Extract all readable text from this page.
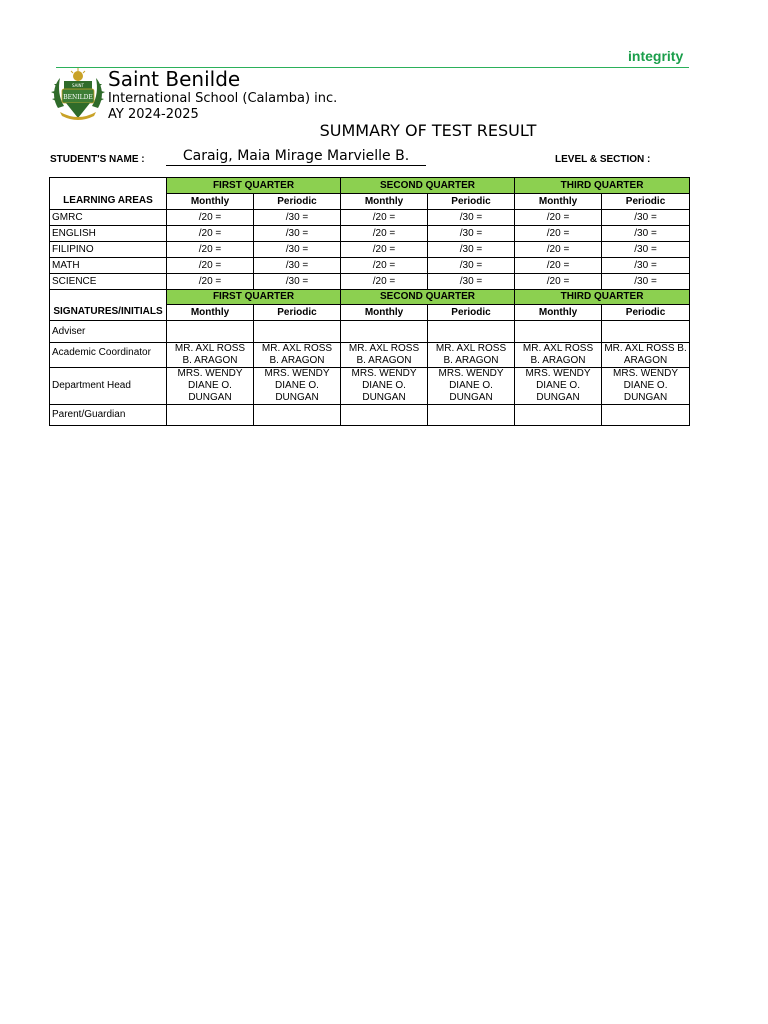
integrity
SAINT
BENILDE
Saint Benilde
International School (Calamba) inc.
AY 2024-2025
SUMMARY OF TEST RESULT
STUDENT'S NAME :	Caraig, Maia Mirage Marvielle B.	LEVEL & SECTION :
	FIRST QUARTER		SECOND QUARTER		THIRD QUARTER	
LEARNING AREAS	Monthly	Periodic	Monthly	Periodic	Monthly	Periodic
GMRC	/20 =	/30 =	/20 =	/30 =	/20 =	/30 =
ENGLISH	/20 =	/30 =	/20 =	/30 =	/20 =	/30 =
FILIPINO	/20 =	/30 =	/20 =	/30 =	/20 =	/30 =
MATH	/20 =	/30 =	/20 =	/30 =	/20 =	/30 =
SCIENCE	/20 =	/30 =	/20 =	/30 =	/20 =	/30 =
	FIRST QUARTER		SECOND QUARTER		THIRD QUARTER	
SIGNATURES/INITIALS	Monthly	Periodic	Monthly	Periodic	Monthly	Periodic
Adviser						
Academic Coordinator	MR. AXL ROSS B. ARAGON	MR. AXL ROSS B. ARAGON	MR. AXL ROSS B. ARAGON	MR. AXL ROSS B. ARAGON	MR. AXL ROSS B. ARAGON	MR. AXL ROSS B. ARAGON
Department Head	MRS. WENDY DIANE O. DUNGAN	MRS. WENDY DIANE O. DUNGAN	MRS. WENDY DIANE O. DUNGAN	MRS. WENDY DIANE O. DUNGAN	MRS. WENDY DIANE O. DUNGAN	MRS. WENDY DIANE O. DUNGAN
Parent/Guardian						
